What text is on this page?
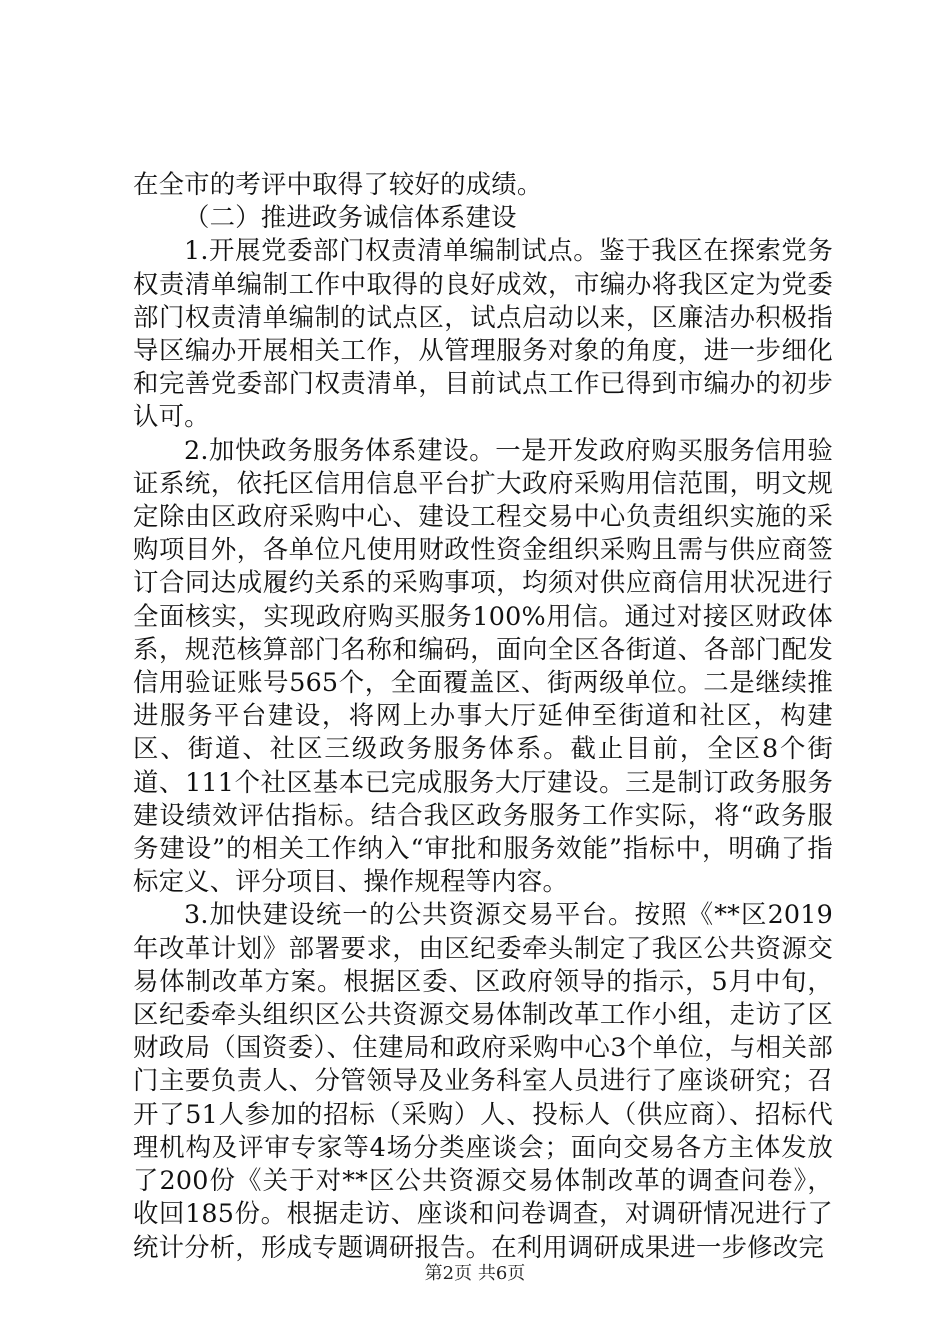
在全市的考评中取得了较好的成绩。

（二）推进政务诚信体系建设

1.开展党委部门权责清单编制试点。鉴于我区在探索党务权责清单编制工作中取得的良好成效，市编办将我区定为党委部门权责清单编制的试点区，试点启动以来，区廉洁办积极指导区编办开展相关工作，从管理服务对象的角度，进一步细化和完善党委部门权责清单，目前试点工作已得到市编办的初步认可。

2.加快政务服务体系建设。一是开发政府购买服务信用验证系统，依托区信用信息平台扩大政府采购用信范围，明文规定除由区政府采购中心、建设工程交易中心负责组织实施的采购项目外，各单位凡使用财政性资金组织采购且需与供应商签订合同达成履约关系的采购事项，均须对供应商信用状况进行全面核实，实现政府购买服务100%用信。通过对接区财政体系，规范核算部门名称和编码，面向全区各街道、各部门配发信用验证账号565个，全面覆盖区、街两级单位。二是继续推进服务平台建设，将网上办事大厅延伸至街道和社区，构建区、街道、社区三级政务服务体系。截止目前，全区8个街道、111个社区基本已完成服务大厅建设。三是制订政务服务建设绩效评估指标。结合我区政务服务工作实际，将“政务服务建设”的相关工作纳入“审批和服务效能”指标中，明确了指标定义、评分项目、操作规程等内容。

3.加快建设统一的公共资源交易平台。按照《**区2019年改革计划》部署要求，由区纪委牵头制定了我区公共资源交易体制改革方案。根据区委、区政府领导的指示，5月中旬，区纪委牵头组织区公共资源交易体制改革工作小组，走访了区财政局（国资委）、住建局和政府采购中心3个单位，与相关部门主要负责人、分管领导及业务科室人员进行了座谈研究；召开了51人参加的招标（采购）人、投标人（供应商）、招标代理机构及评审专家等4场分类座谈会；面向交易各方主体发放了200份《关于对**区公共资源交易体制改革的调查问卷》，收回185份。根据走访、座谈和问卷调查，对调研情况进行了统计分析，形成专题调研报告。在利用调研成果进一步修改完

第2页 共6页
